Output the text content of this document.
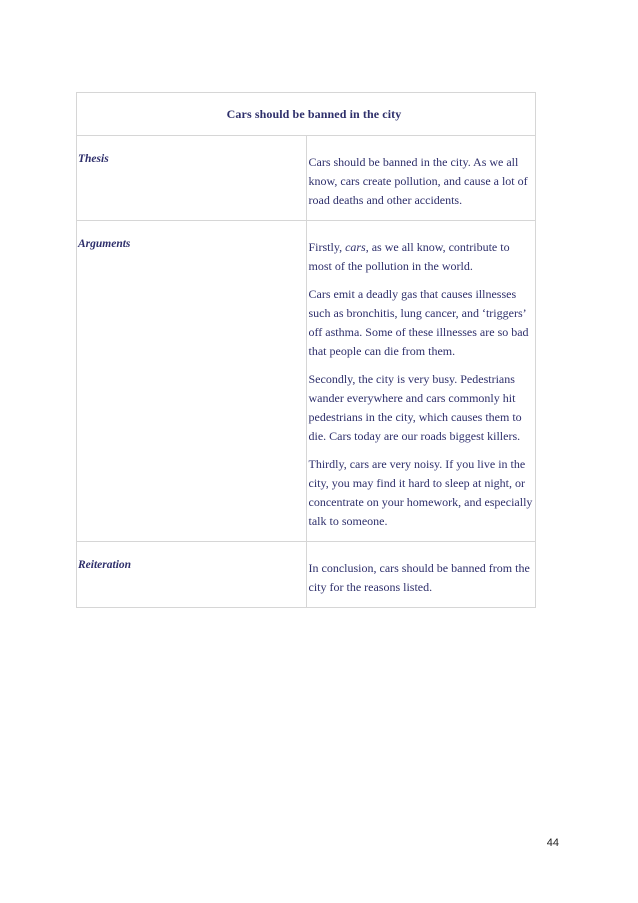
Cars should be banned in the city	

Thesis	Cars should be banned in the city. As we all know, cars create pollution, and cause a lot of road deaths and other accidents.

Arguments	Firstly, cars, as we all know, contribute to most of the pollution in the world.

Cars emit a deadly gas that causes illnesses such as bronchitis, lung cancer, and ‘triggers’ off asthma. Some of these illnesses are so bad that people can die from them.

Secondly, the city is very busy. Pedestrians wander everywhere and cars commonly hit pedestrians in the city, which causes them to die. Cars today are our roads biggest killers.

Thirdly, cars are very noisy. If you live in the city, you may find it hard to sleep at night, or concentrate on your homework, and especially talk to someone.

Reiteration	In conclusion, cars should be banned from the city for the reasons listed.

44
